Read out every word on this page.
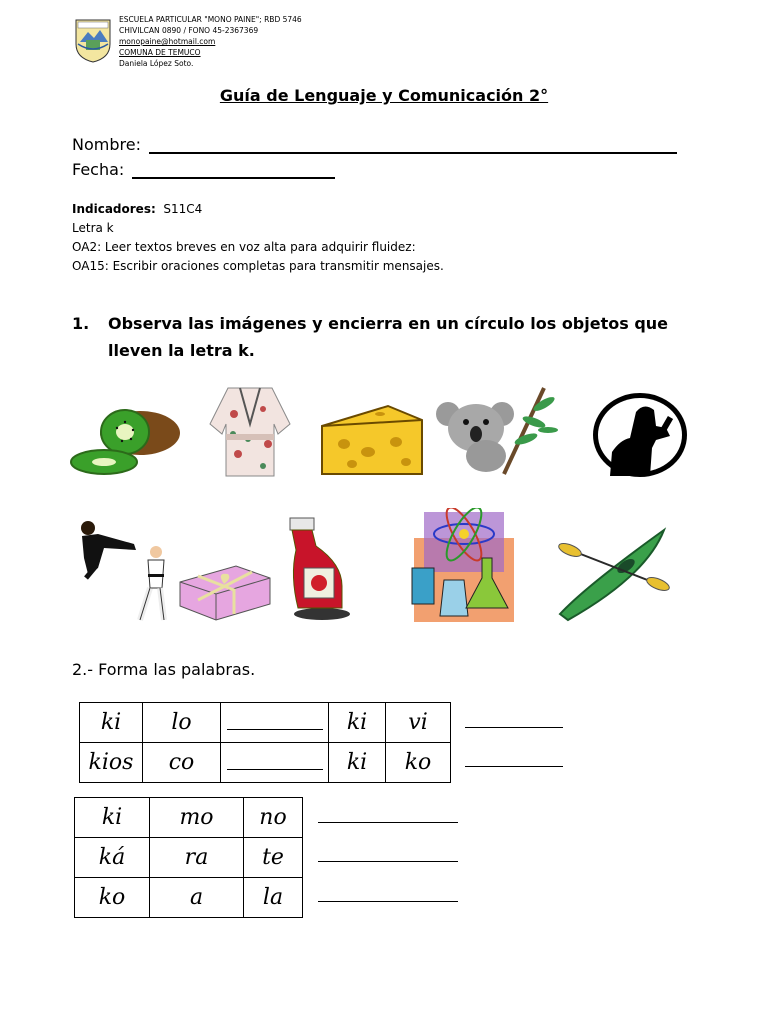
ESCUELA PARTICULAR "MONO PAINE"; RBD 5746
CHIVILCAN 0890 / FONO 45-2367369
monopaine@hotmail.com
COMUNA DE TEMUCO
Daniela López Soto.
Guía de Lenguaje y Comunicación 2°
Nombre:
Fecha:
Indicadores: S11C4
Letra k
OA2: Leer textos breves en voz alta para adquirir fluidez:
OA15: Escribir oraciones completas para transmitir mensajes.
1. Observa las imágenes y encierra en un círculo los objetos que lleven la letra k.
2.- Forma las palabras.
ki	lo		ki	vi
kios	co		ki	ko
ki	mo	no
ká	ra	te
ko	a	la
